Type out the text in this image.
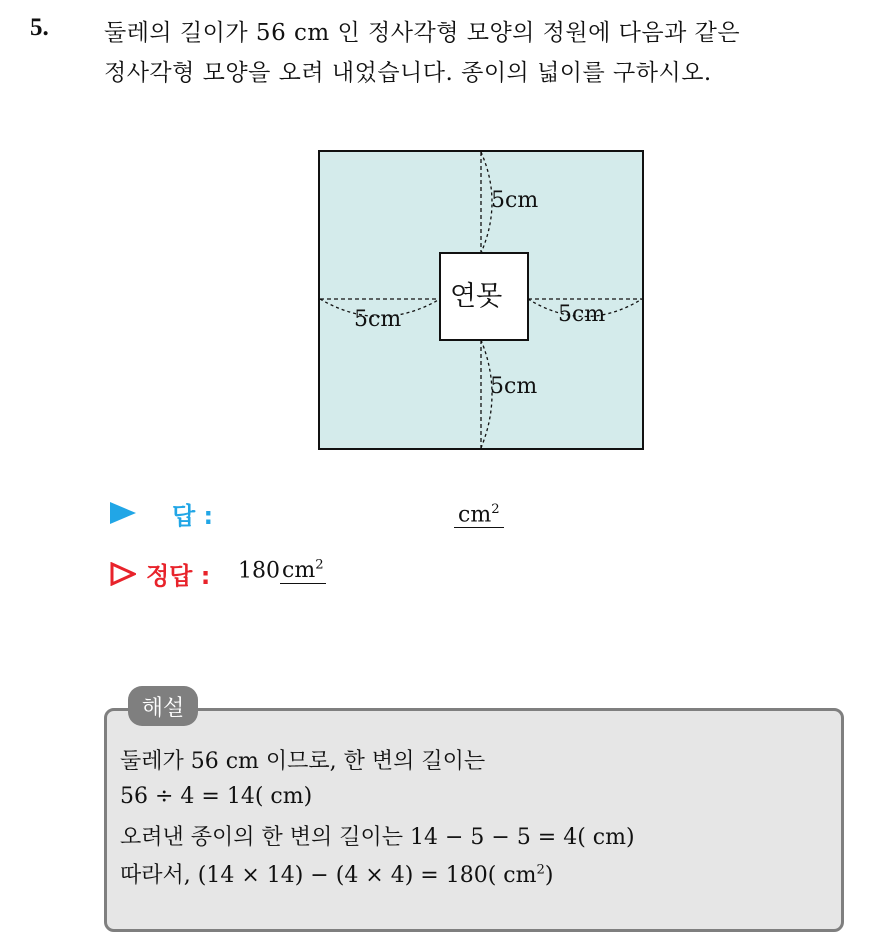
5. 둘레의 길이가 56 cm 인 정사각형 모양의 정원에 다음과 같은
정사각형 모양을 오려 내었습니다. 종이의 넓이를 구하시오.
연못
5cm
5cm	5cm
5cm
답 :	$cm^2$
정답 : $180cm^2$
해설
둘레가 56 cm 이므로, 한 변의 길이는
56 ÷ 4 = 14( cm)
오려낸 종이의 한 변의 길이는 14 − 5 − 5 = 4( cm)
따라서, (14 × 14) − (4 × 4) = 180( $cm^2$)
